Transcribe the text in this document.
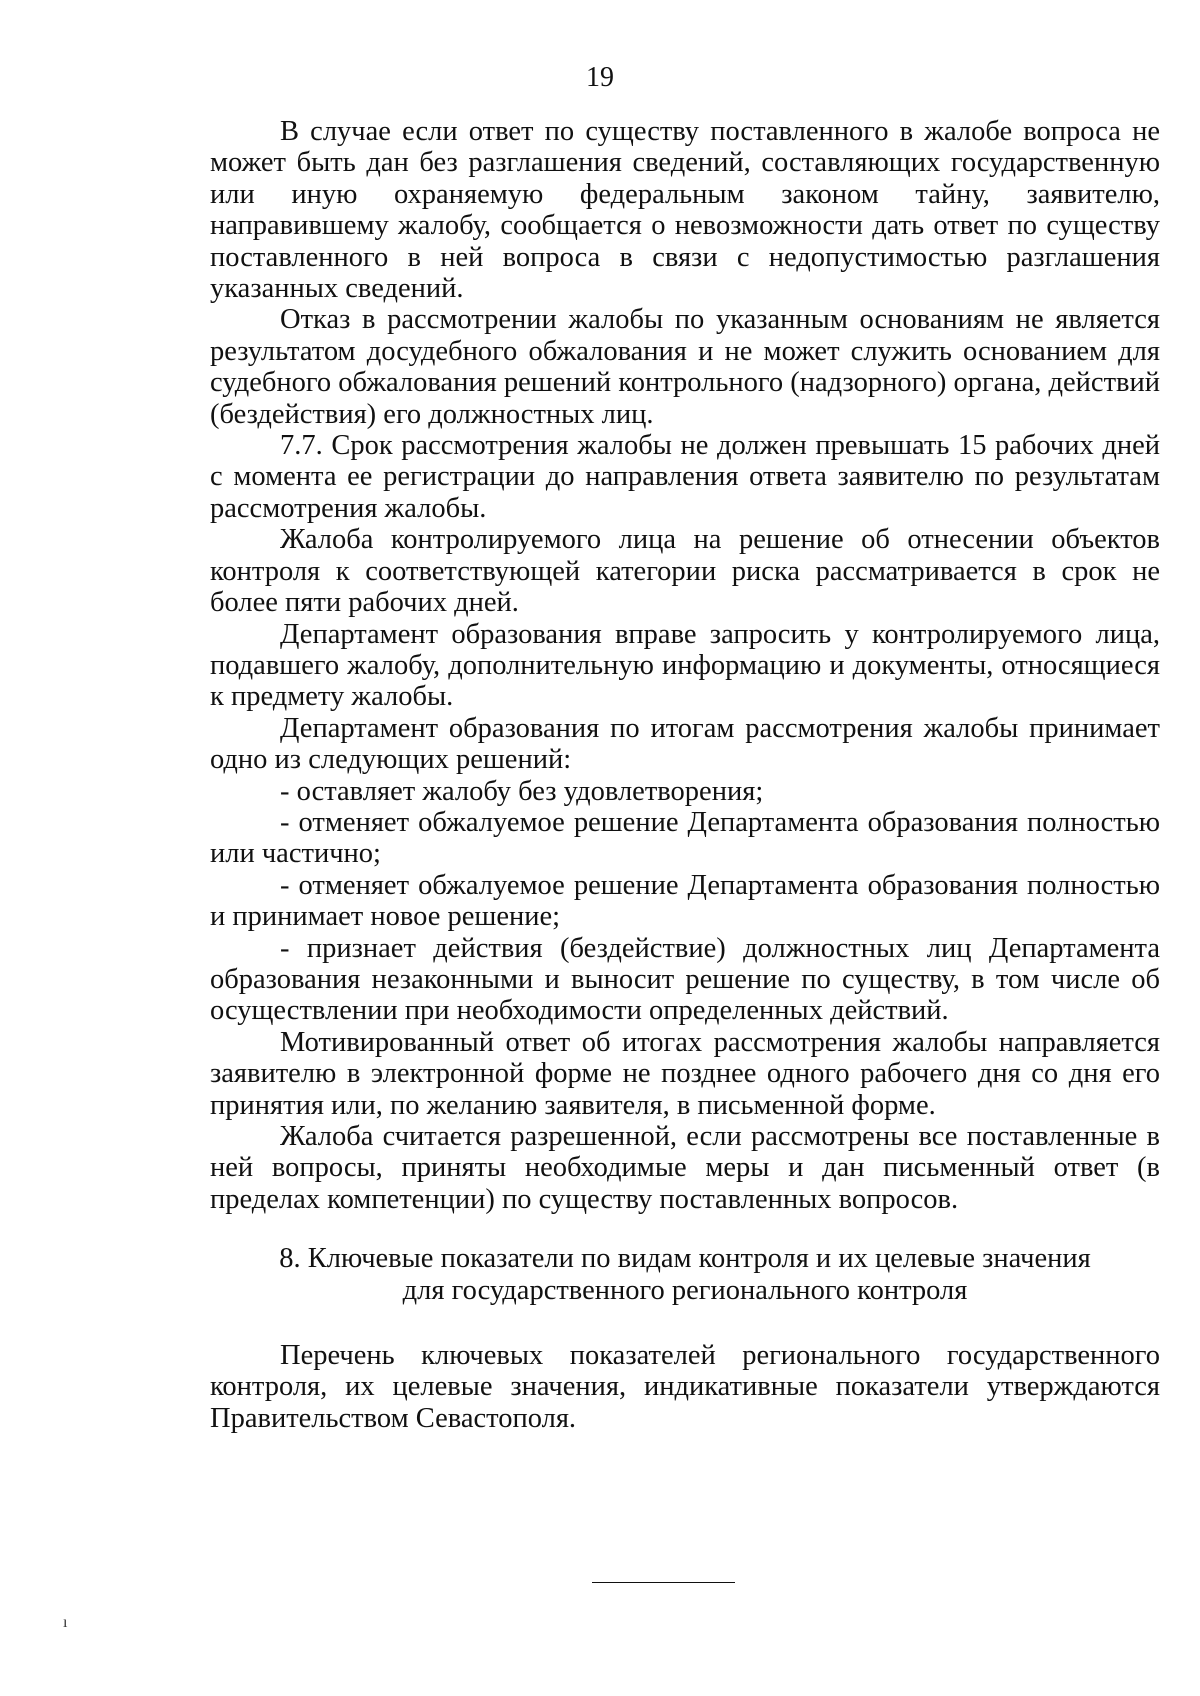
19

В случае если ответ по существу поставленного в жалобе вопроса не может быть дан без разглашения сведений, составляющих государственную или иную охраняемую федеральным законом тайну, заявителю, направившему жалобу, сообщается о невозможности дать ответ по существу поставленного в ней вопроса в связи с недопустимостью разглашения указанных сведений.

Отказ в рассмотрении жалобы по указанным основаниям не является результатом досудебного обжалования и не может служить основанием для судебного обжалования решений контрольного (надзорного) органа, действий (бездействия) его должностных лиц.

7.7. Срок рассмотрения жалобы не должен превышать 15 рабочих дней с момента ее регистрации до направления ответа заявителю по результатам рассмотрения жалобы.

Жалоба контролируемого лица на решение об отнесении объектов контроля к соответствующей категории риска рассматривается в срок не более пяти рабочих дней.

Департамент образования вправе запросить у контролируемого лица, подавшего жалобу, дополнительную информацию и документы, относящиеся к предмету жалобы.

Департамент образования по итогам рассмотрения жалобы принимает одно из следующих решений:

- оставляет жалобу без удовлетворения;

- отменяет обжалуемое решение Департамента образования полностью или частично;

- отменяет обжалуемое решение Департамента образования полностью и принимает новое решение;

- признает действия (бездействие) должностных лиц Департамента образования незаконными и выносит решение по существу, в том числе об осуществлении при необходимости определенных действий.

Мотивированный ответ об итогах рассмотрения жалобы направляется заявителю в электронной форме не позднее одного рабочего дня со дня его принятия или, по желанию заявителя, в письменной форме.

Жалоба считается разрешенной, если рассмотрены все поставленные в ней вопросы, приняты необходимые меры и дан письменный ответ (в пределах компетенции) по существу поставленных вопросов.

8. Ключевые показатели по видам контроля и их целевые значения
для государственного регионального контроля

Перечень ключевых показателей регионального государственного контроля, их целевые значения, индикативные показатели утверждаются Правительством Севастополя.

ı
